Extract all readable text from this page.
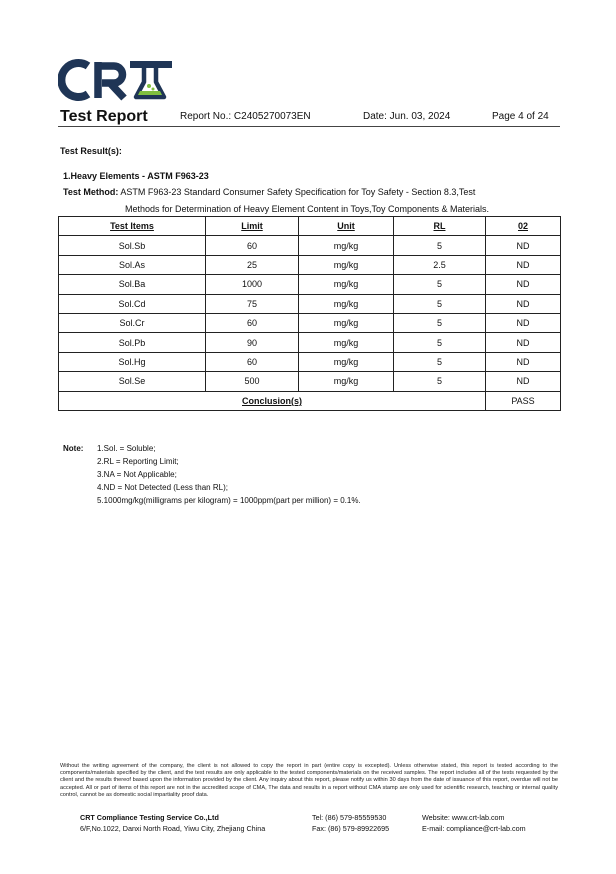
Test Report	Report No.: C2405270073EN	Date: Jun. 03, 2024	Page 4 of 24
Test Result(s):
1.Heavy Elements - ASTM F963-23
Test Method: ASTM F963-23 Standard Consumer Safety Specification for Toy Safety - Section 8.3,Test
Methods for Determination of Heavy Element Content in Toys,Toy Components & Materials.
Test Items	Limit	Unit	RL	02
Sol.Sb	60	mg/kg	5	ND
Sol.As	25	mg/kg	2.5	ND
Sol.Ba	1000	mg/kg	5	ND
Sol.Cd	75	mg/kg	5	ND
Sol.Cr	60	mg/kg	5	ND
Sol.Pb	90	mg/kg	5	ND
Sol.Hg	60	mg/kg	5	ND
Sol.Se	500	mg/kg	5	ND
Conclusion(s)				PASS
Note: 1.Sol. = Soluble;
2.RL = Reporting Limit;
3.NA = Not Applicable;
4.ND = Not Detected (Less than RL);
5.1000mg/kg(milligrams per kilogram) = 1000ppm(part per million) = 0.1%.
Without the writing agreement of the company, the client is not allowed to copy the report in part (entire copy is excepted). Unless otherwise stated, this report is tested according to the components/materials specified by the client, and the test results are only applicable to the tested components/materials on the received samples. The report includes all of the tests requested by the client and the results thereof based upon the information provided by the client. Any inquiry about this report, please notify us within 30 days from the date of issuance of this report, overdue will not be accepted. All or part of items of this report are not in the accredited scope of CMA, The data and results in a report without CMA stamp are only used for scientific research, teaching or internal quality control, cannot be as domestic social impartiality proof data.
CRT Compliance Testing Service Co.,Ltd
6/F,No.1022, Danxi North Road, Yiwu City, Zhejiang China
Tel: (86) 579-85559530
Fax: (86) 579-89922695
Website: www.crt-lab.com
E-mail: compliance@crt-lab.com
